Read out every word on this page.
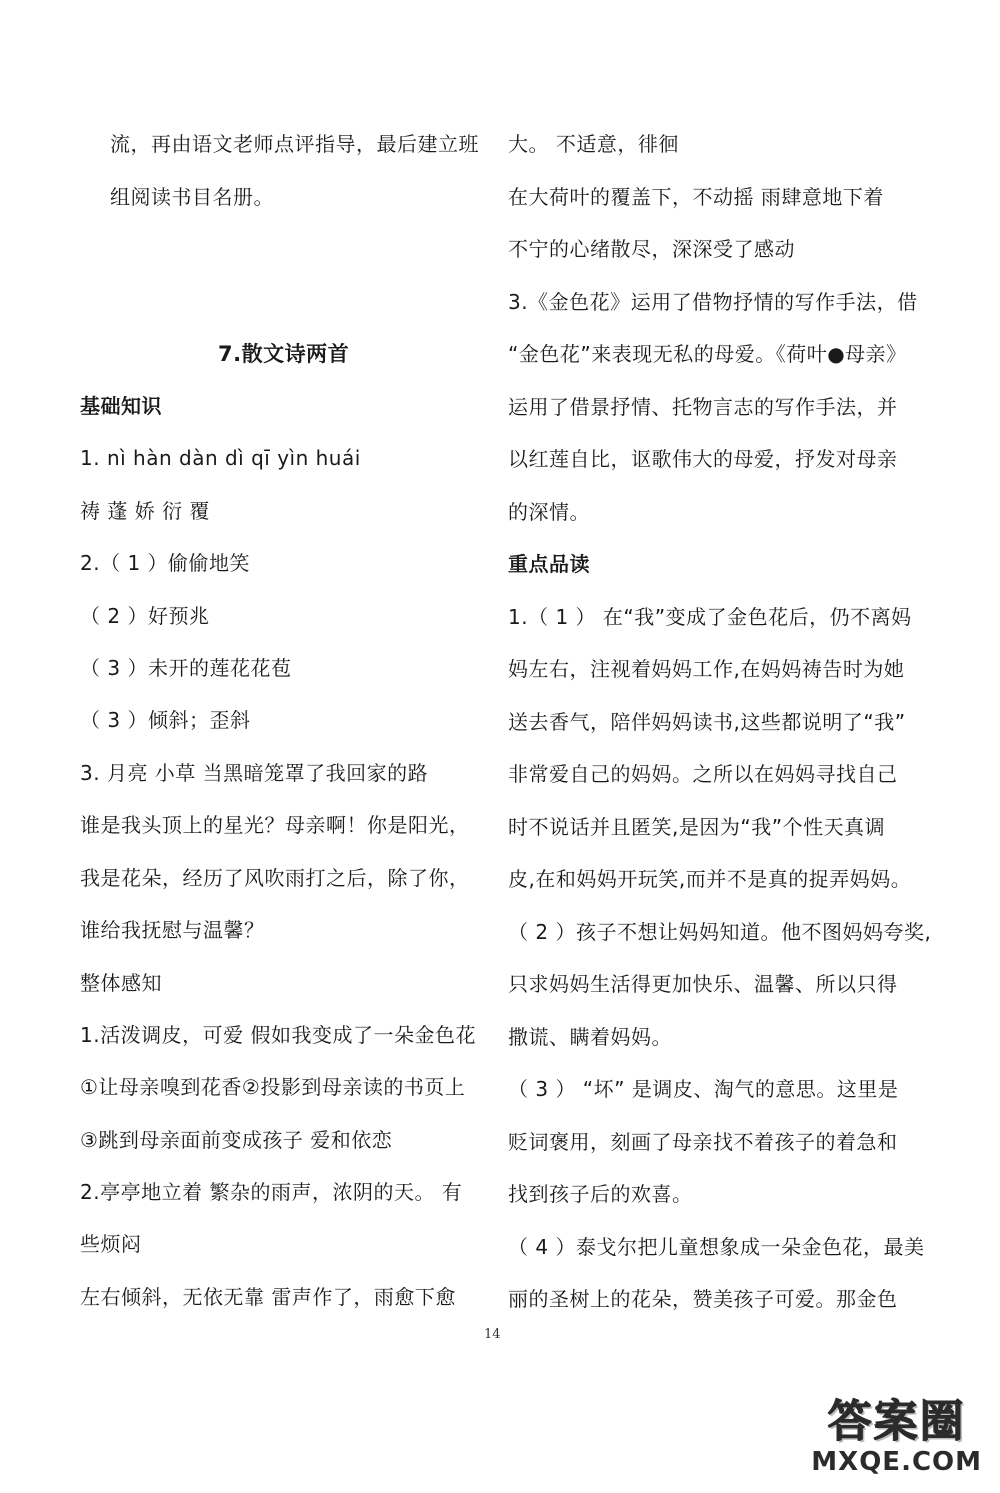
流，再由语文老师点评指导，最后建立班
组阅读书目名册。
7.散文诗两首
基础知识
1. nì hàn dàn dì qī yìn huái
祷 蓬 娇 衍 覆
2.（ 1 ）偷偷地笑
（ 2 ）好预兆
（ 3 ）未开的莲花花苞
（ 3 ）倾斜；歪斜
3. 月亮 小草 当黑暗笼罩了我回家的路
谁是我头顶上的星光？母亲啊！你是阳光，
我是花朵，经历了风吹雨打之后，除了你，
谁给我抚慰与温馨？
整体感知
1.活泼调皮，可爱 假如我变成了一朵金色花
①让母亲嗅到花香②投影到母亲读的书页上
③跳到母亲面前变成孩子 爱和依恋
2.亭亭地立着 繁杂的雨声，浓阴的天。 有
些烦闷
左右倾斜，无依无靠 雷声作了，雨愈下愈
大。 不适意，徘徊
在大荷叶的覆盖下，不动摇 雨肆意地下着
不宁的心绪散尽，深深受了感动
3.《金色花》运用了借物抒情的写作手法，借
“金色花”来表现无私的母爱。《荷叶●母亲》
运用了借景抒情、托物言志的写作手法，并
以红莲自比，讴歌伟大的母爱，抒发对母亲
的深情。
重点品读
1.（ 1 ） 在“我”变成了金色花后，仍不离妈
妈左右，注视着妈妈工作,在妈妈祷告时为她
送去香气，陪伴妈妈读书,这些都说明了“我”
非常爱自己的妈妈。之所以在妈妈寻找自己
时不说话并且匿笑,是因为“我”个性天真调
皮,在和妈妈开玩笑,而并不是真的捉弄妈妈。
（ 2 ）孩子不想让妈妈知道。他不图妈妈夸奖,
只求妈妈生活得更加快乐、温馨、所以只得
撒谎、瞒着妈妈。
（ 3 ） “坏” 是调皮、淘气的意思。这里是
贬词褒用，刻画了母亲找不着孩子的着急和
找到孩子后的欢喜。
（ 4 ）泰戈尔把儿童想象成一朵金色花，最美
丽的圣树上的花朵，赞美孩子可爱。那金色
14
答案圈
MXQE.COM
